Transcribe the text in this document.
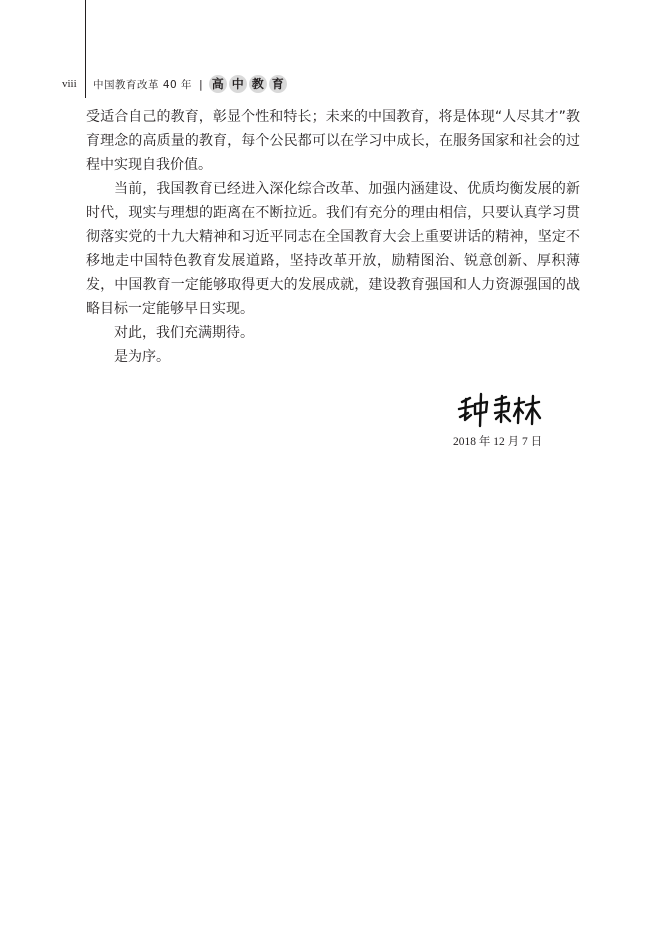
viii	中国教育改革 40 年 | 高 中 教 育

受适合自己的教育，彰显个性和特长；未来的中国教育，将是体现“人尽其才”教育理念的高质量的教育，每个公民都可以在学习中成长，在服务国家和社会的过程中实现自我价值。

当前，我国教育已经进入深化综合改革、加强内涵建设、优质均衡发展的新时代，现实与理想的距离在不断拉近。我们有充分的理由相信，只要认真学习贯彻落实党的十九大精神和习近平同志在全国教育大会上重要讲话的精神，坚定不移地走中国特色教育发展道路，坚持改革开放，励精图治、锐意创新、厚积薄发，中国教育一定能够取得更大的发展成就，建设教育强国和人力资源强国的战略目标一定能够早日实现。

对此，我们充满期待。

是为序。

2018 年 12 月 7 日
